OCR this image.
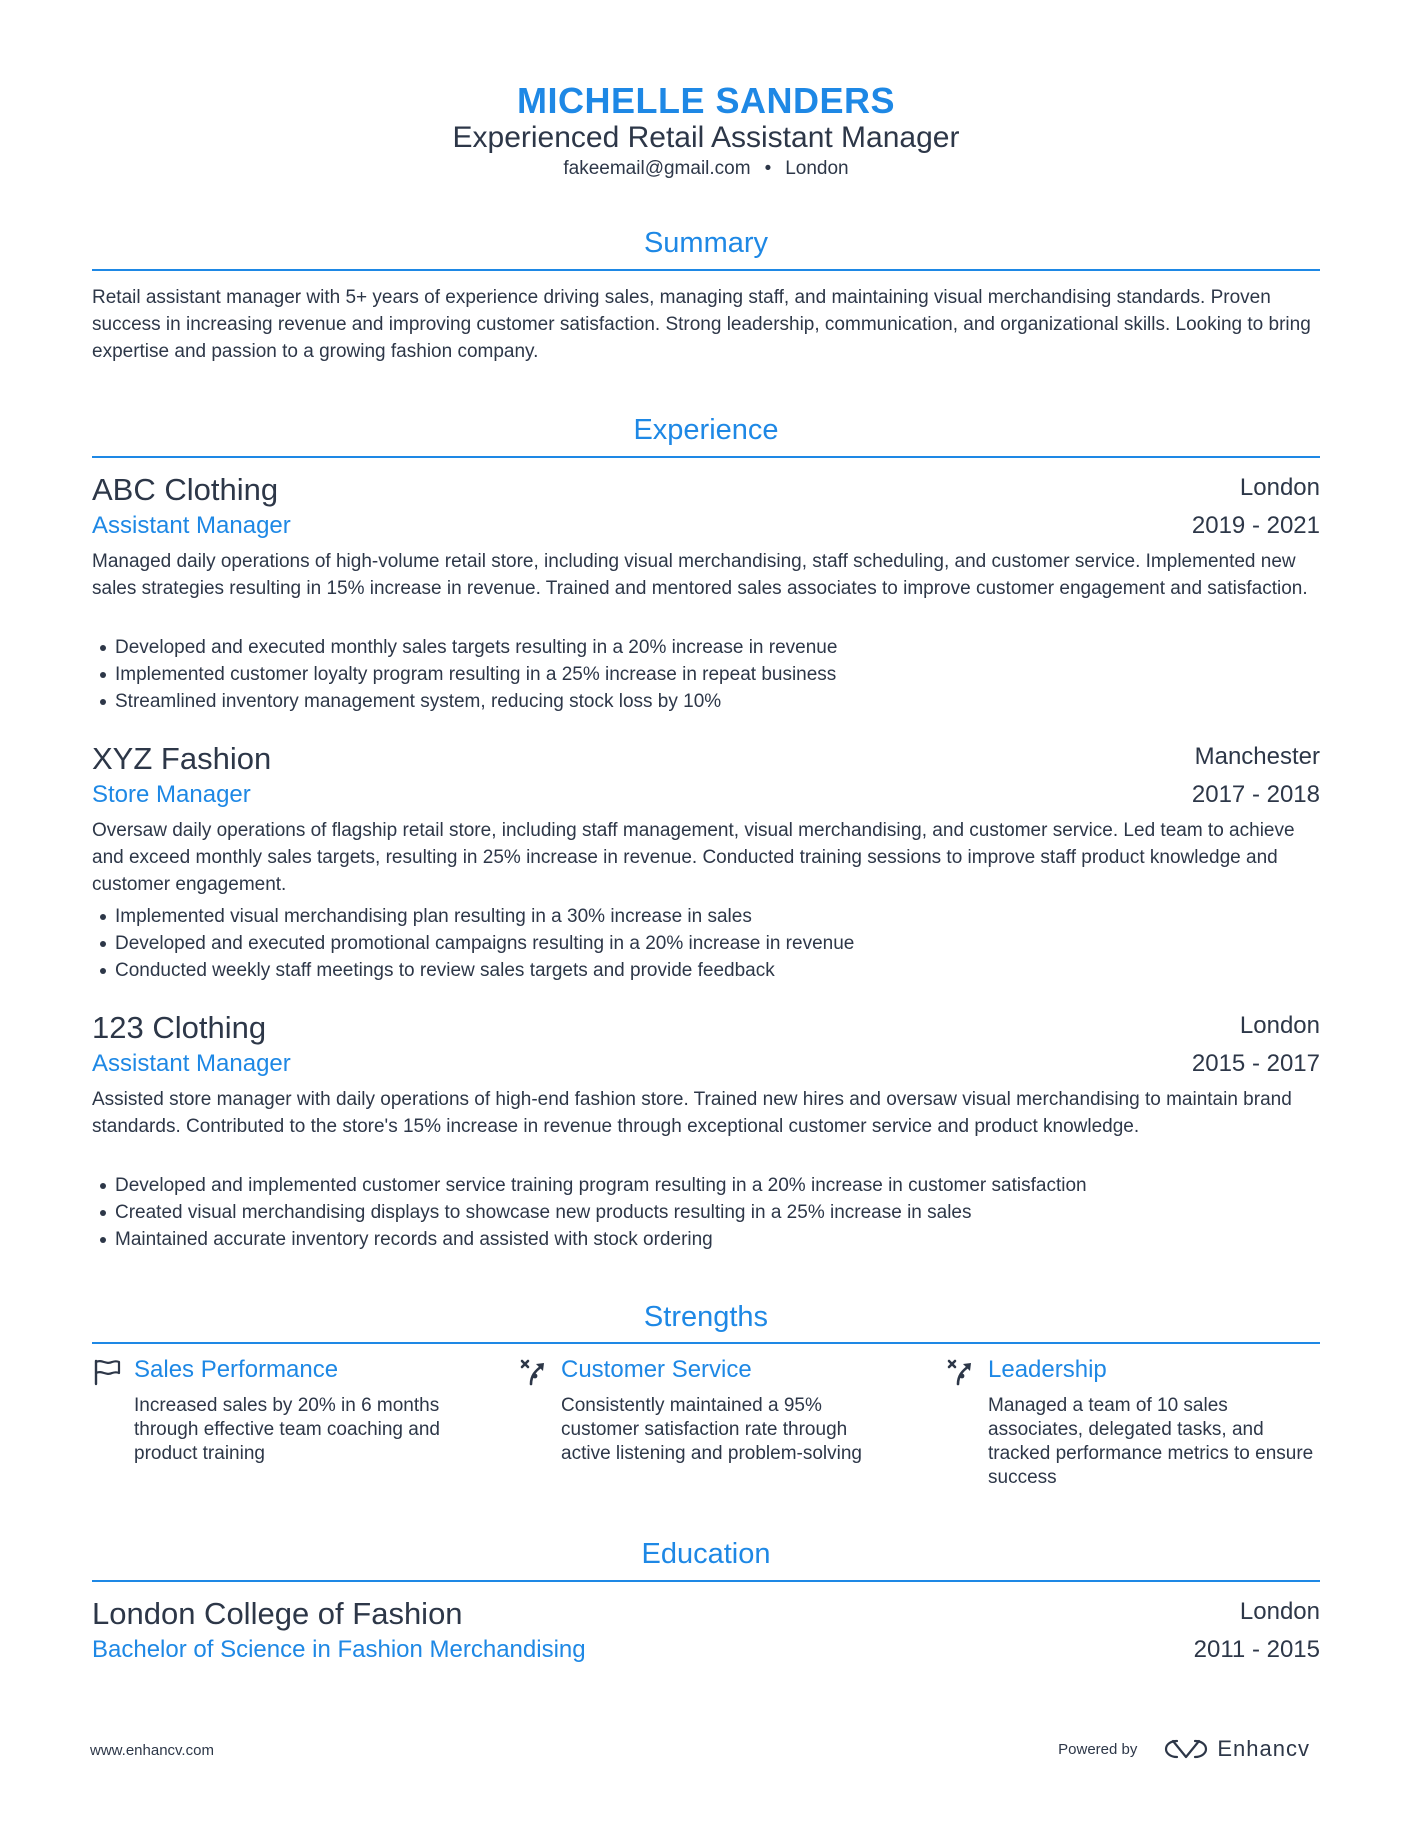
MICHELLE SANDERS
Experienced Retail Assistant Manager
fakeemail@gmail.com • London
Summary
Retail assistant manager with 5+ years of experience driving sales, managing staff, and maintaining visual merchandising standards. Proven success in increasing revenue and improving customer satisfaction. Strong leadership, communication, and organizational skills. Looking to bring expertise and passion to a growing fashion company.
Experience
ABC Clothing	London
Assistant Manager	2019 - 2021
Managed daily operations of high-volume retail store, including visual merchandising, staff scheduling, and customer service. Implemented new sales strategies resulting in 15% increase in revenue. Trained and mentored sales associates to improve customer engagement and satisfaction.
Developed and executed monthly sales targets resulting in a 20% increase in revenue
Implemented customer loyalty program resulting in a 25% increase in repeat business
Streamlined inventory management system, reducing stock loss by 10%
XYZ Fashion	Manchester
Store Manager	2017 - 2018
Oversaw daily operations of flagship retail store, including staff management, visual merchandising, and customer service. Led team to achieve and exceed monthly sales targets, resulting in 25% increase in revenue. Conducted training sessions to improve staff product knowledge and customer engagement.
Implemented visual merchandising plan resulting in a 30% increase in sales
Developed and executed promotional campaigns resulting in a 20% increase in revenue
Conducted weekly staff meetings to review sales targets and provide feedback
123 Clothing	London
Assistant Manager	2015 - 2017
Assisted store manager with daily operations of high-end fashion store. Trained new hires and oversaw visual merchandising to maintain brand standards. Contributed to the store's 15% increase in revenue through exceptional customer service and product knowledge.
Developed and implemented customer service training program resulting in a 20% increase in customer satisfaction
Created visual merchandising displays to showcase new products resulting in a 25% increase in sales
Maintained accurate inventory records and assisted with stock ordering
Strengths
Sales Performance
Increased sales by 20% in 6 months through effective team coaching and product training
Customer Service
Consistently maintained a 95% customer satisfaction rate through active listening and problem-solving
Leadership
Managed a team of 10 sales associates, delegated tasks, and tracked performance metrics to ensure success
Education
London College of Fashion	London
Bachelor of Science in Fashion Merchandising	2011 - 2015
www.enhancv.com	Powered by	Enhancv
